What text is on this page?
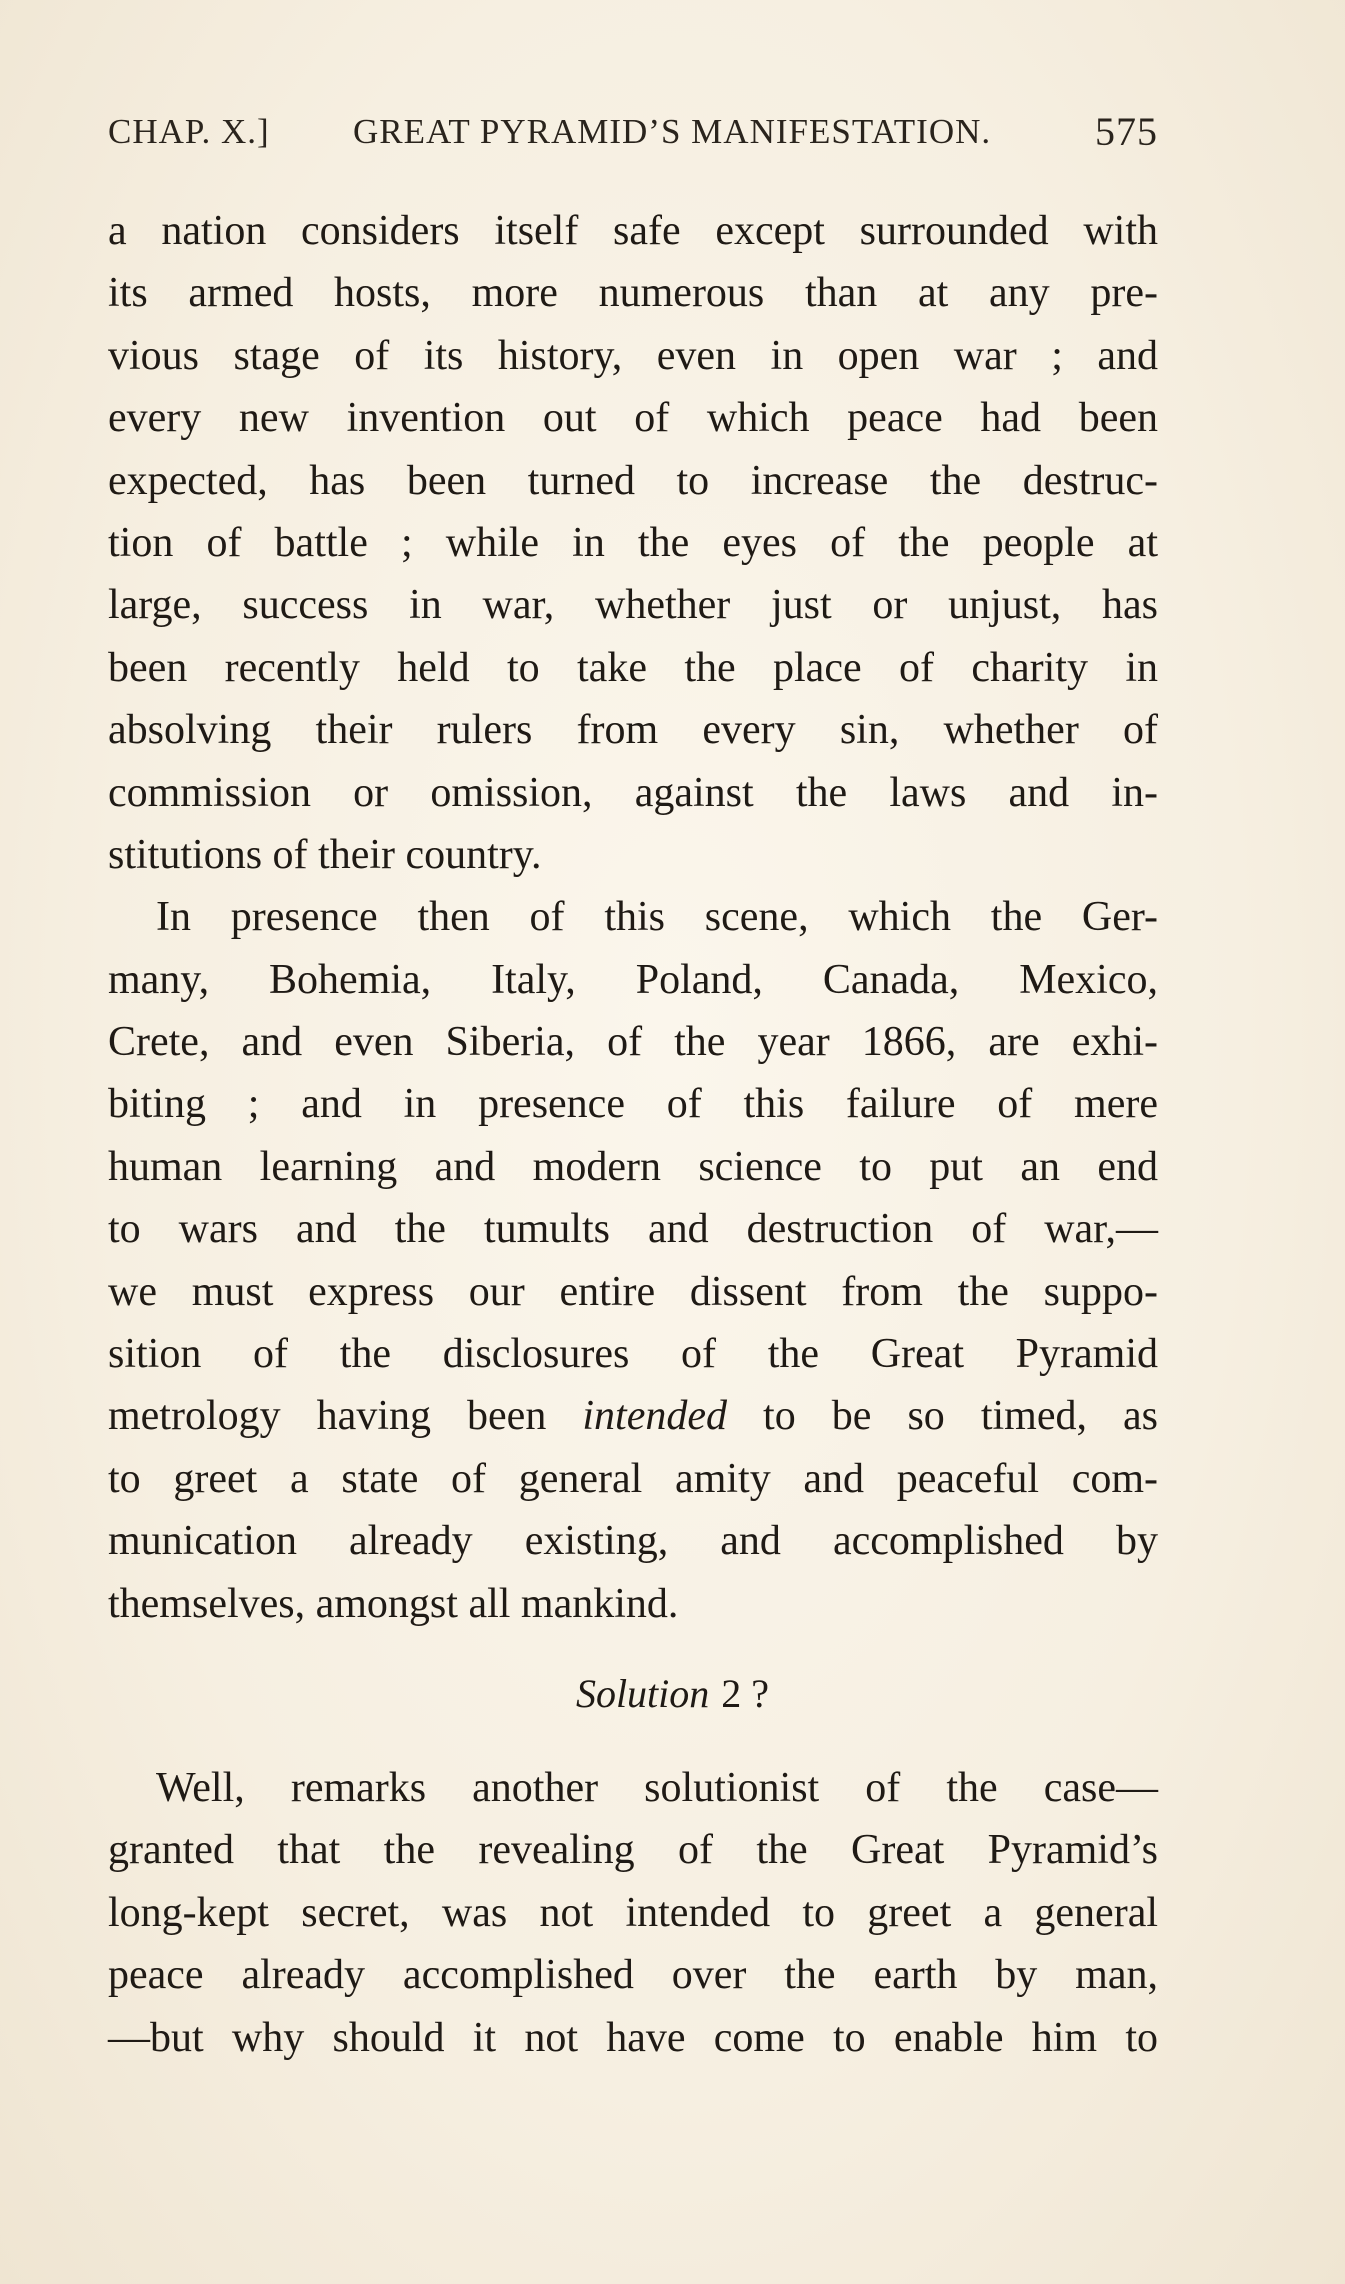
CHAP. X.] GREAT PYRAMID’S MANIFESTATION.	575
a nation considers itself safe except surrounded with
its armed hosts, more numerous than at any pre-
vious stage of its history, even in open war ; and
every new invention out of which peace had been
expected, has been turned to increase the destruc-
tion of battle ; while in the eyes of the people at
large, success in war, whether just or unjust, has
been recently held to take the place of charity in
absolving their rulers from every sin, whether of
commission or omission, against the laws and in-
stitutions of their country.
In presence then of this scene, which the Ger-
many, Bohemia, Italy, Poland, Canada, Mexico,
Crete, and even Siberia, of the year 1866, are exhi-
biting ; and in presence of this failure of mere
human learning and modern science to put an end
to wars and the tumults and destruction of war,—
we must express our entire dissent from the suppo-
sition of the disclosures of the Great Pyramid
metrology having been intended to be so timed, as
to greet a state of general amity and peaceful com-
munication already existing, and accomplished by
themselves, amongst all mankind.
Solution 2 ?
Well, remarks another solutionist of the case—
granted that the revealing of the Great Pyramid’s
long-kept secret, was not intended to greet a general
peace already accomplished over the earth by man,
—but why should it not have come to enable him to
